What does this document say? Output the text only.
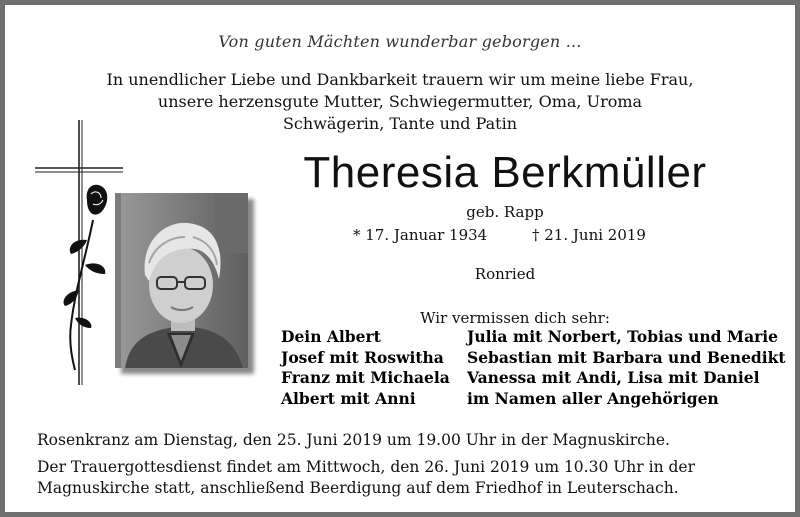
Von guten Mächten wunderbar geborgen ...
In unendlicher Liebe und Dankbarkeit trauern wir um meine liebe Frau,
unsere herzensgute Mutter, Schwiegermutter, Oma, Uroma
Schwägerin, Tante und Patin
Theresia Berkmüller
geb. Rapp
* 17. Januar 1934	† 21. Juni 2019
Ronried
Wir vermissen dich sehr:
Dein Albert
Josef mit Roswitha
Franz mit Michaela
Albert mit Anni
Julia mit Norbert, Tobias und Marie
Sebastian mit Barbara und Benedikt
Vanessa mit Andi, Lisa mit Daniel
im Namen aller Angehörigen
Rosenkranz am Dienstag, den 25. Juni 2019 um 19.00 Uhr in der Magnuskirche.
Der Trauergottesdienst findet am Mittwoch, den 26. Juni 2019 um 10.30 Uhr in der
Magnuskirche statt, anschließend Beerdigung auf dem Friedhof in Leuterschach.
